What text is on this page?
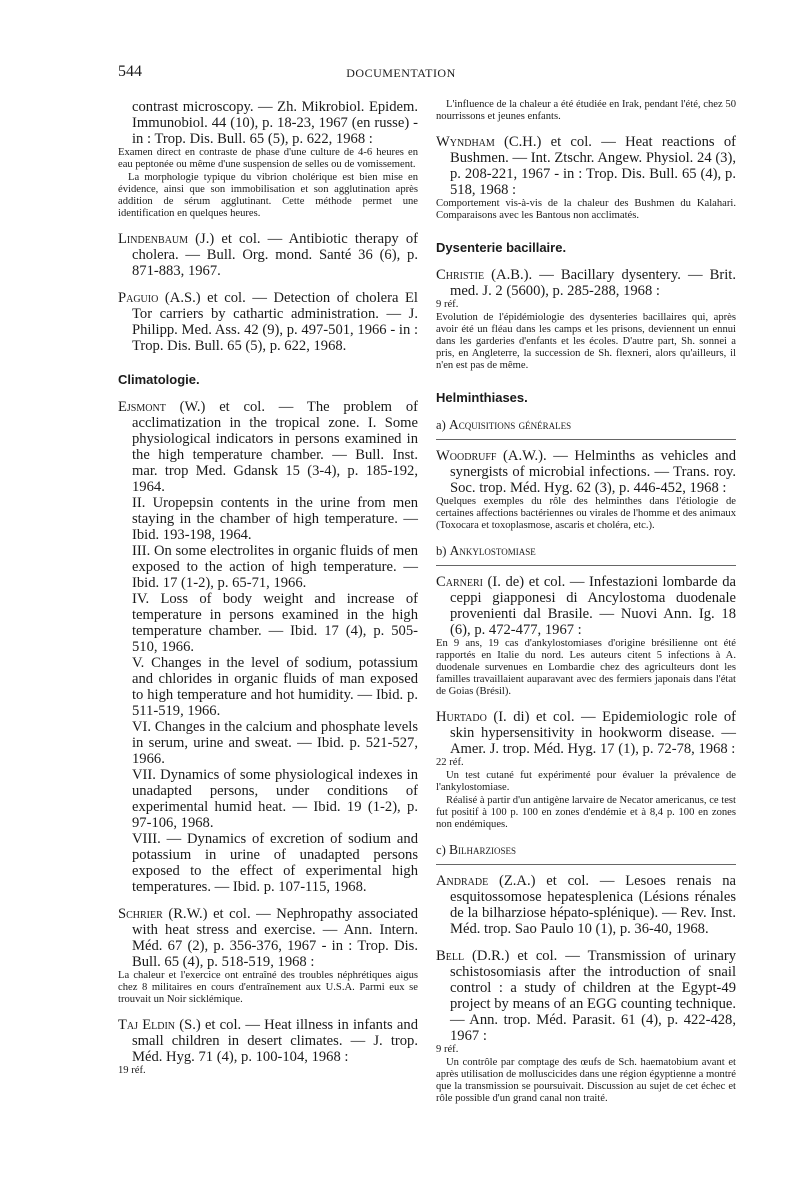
544	DOCUMENTATION
contrast microscopy. — Zh. Mikrobiol. Epidem. Immunobiol. 44 (10), p. 18-23, 1967 (en russe) - in : Trop. Dis. Bull. 65 (5), p. 622, 1968 :
Examen direct en contraste de phase d'une culture de 4-6 heures en eau peptonée ou même d'une suspension de selles ou de vomissement.
La morphologie typique du vibrion cholérique est bien mise en évidence, ainsi que son immobilisation et son agglutination après addition de sérum agglutinant. Cette méthode permet une identification en quelques heures.
Lindenbaum (J.) et col. — Antibiotic therapy of cholera. — Bull. Org. mond. Santé 36 (6), p. 871-883, 1967.
Paguio (A.S.) et col. — Detection of cholera El Tor carriers by cathartic administration. — J. Philipp. Med. Ass. 42 (9), p. 497-501, 1966 - in : Trop. Dis. Bull. 65 (5), p. 622, 1968.
Climatologie.
Ejsmont (W.) et col. — The problem of acclimatization in the tropical zone. I. Some physiological indicators in persons examined in the high temperature chamber. — Bull. Inst. mar. trop Med. Gdansk 15 (3-4), p. 185-192, 1964.
II. Uropepsin contents in the urine from men staying in the chamber of high temperature. — Ibid. 193-198, 1964.
III. On some electrolites in organic fluids of men exposed to the action of high temperature. — Ibid. 17 (1-2), p. 65-71, 1966.
IV. Loss of body weight and increase of temperature in persons examined in the high temperature chamber. — Ibid. 17 (4), p. 505-510, 1966.
V. Changes in the level of sodium, potassium and chlorides in organic fluids of man exposed to high temperature and hot humidity. — Ibid. p. 511-519, 1966.
VI. Changes in the calcium and phosphate levels in serum, urine and sweat. — Ibid. p. 521-527, 1966.
VII. Dynamics of some physiological indexes in unadapted persons, under conditions of experimental humid heat. — Ibid. 19 (1-2), p. 97-106, 1968.
VIII. — Dynamics of excretion of sodium and potassium in urine of unadapted persons exposed to the effect of experimental high temperatures. — Ibid. p. 107-115, 1968.
Schrier (R.W.) et col. — Nephropathy associated with heat stress and exercise. — Ann. Intern. Méd. 67 (2), p. 356-376, 1967 - in : Trop. Dis. Bull. 65 (4), p. 518-519, 1968 :
La chaleur et l'exercice ont entraîné des troubles néphrétiques aigus chez 8 militaires en cours d'entraînement aux U.S.A. Parmi eux se trouvait un Noir sicklémique.
Taj Eldin (S.) et col. — Heat illness in infants and small children in desert climates. — J. trop. Méd. Hyg. 71 (4), p. 100-104, 1968 :
19 réf.
L'influence de la chaleur a été étudiée en Irak, pendant l'été, chez 50 nourrissons et jeunes enfants.
Wyndham (C.H.) et col. — Heat reactions of Bushmen. — Int. Ztschr. Angew. Physiol. 24 (3), p. 208-221, 1967 - in : Trop. Dis. Bull. 65 (4), p. 518, 1968 :
Comportement vis-à-vis de la chaleur des Bushmen du Kalahari. Comparaisons avec les Bantous non acclimatés.
Dysenterie bacillaire.
Christie (A.B.). — Bacillary dysentery. — Brit. med. J. 2 (5600), p. 285-288, 1968 :
9 réf.
Evolution de l'épidémiologie des dysenteries bacillaires qui, après avoir été un fléau dans les camps et les prisons, deviennent un ennui dans les garderies d'enfants et les écoles. D'autre part, Sh. sonnei a pris, en Angleterre, la succession de Sh. flexneri, alors qu'ailleurs, il n'en est pas de même.
Helminthiases.
a) Acquisitions générales
Woodruff (A.W.). — Helminths as vehicles and synergists of microbial infections. — Trans. roy. Soc. trop. Méd. Hyg. 62 (3), p. 446-452, 1968 :
Quelques exemples du rôle des helminthes dans l'étiologie de certaines affections bactériennes ou virales de l'homme et des animaux (Toxocara et toxoplasmose, ascaris et choléra, etc.).
b) Ankylostomiase
Carneri (I. de) et col. — Infestazioni lombarde da ceppi giapponesi di Ancylostoma duodenale provenienti dal Brasile. — Nuovi Ann. Ig. 18 (6), p. 472-477, 1967 :
En 9 ans, 19 cas d'ankylostomiases d'origine brésilienne ont été rapportés en Italie du nord. Les auteurs citent 5 infections à A. duodenale survenues en Lombardie chez des agriculteurs dont les familles travaillaient auparavant avec des fermiers japonais dans l'état de Goias (Brésil).
Hurtado (I. di) et col. — Epidemiologic role of skin hypersensitivity in hookworm disease. — Amer. J. trop. Méd. Hyg. 17 (1), p. 72-78, 1968 :
22 réf.
Un test cutané fut expérimenté pour évaluer la prévalence de l'ankylostomiase.
Réalisé à partir d'un antigène larvaire de Necator americanus, ce test fut positif à 100 p. 100 en zones d'endémie et à 8,4 p. 100 en zones non endémiques.
c) Bilharzioses
Andrade (Z.A.) et col. — Lesoes renais na esquitossomose hepatesplenica (Lésions rénales de la bilharziose hépato-splénique). — Rev. Inst. Méd. trop. Sao Paulo 10 (1), p. 36-40, 1968.
Bell (D.R.) et col. — Transmission of urinary schistosomiasis after the introduction of snail control : a study of children at the Egypt-49 project by means of an EGG counting technique. — Ann. trop. Méd. Parasit. 61 (4), p. 422-428, 1967 :
9 réf.
Un contrôle par comptage des œufs de Sch. haematobium avant et après utilisation de molluscicides dans une région égyptienne a montré que la transmission se poursuivait. Discussion au sujet de cet échec et rôle possible d'un grand canal non traité.
